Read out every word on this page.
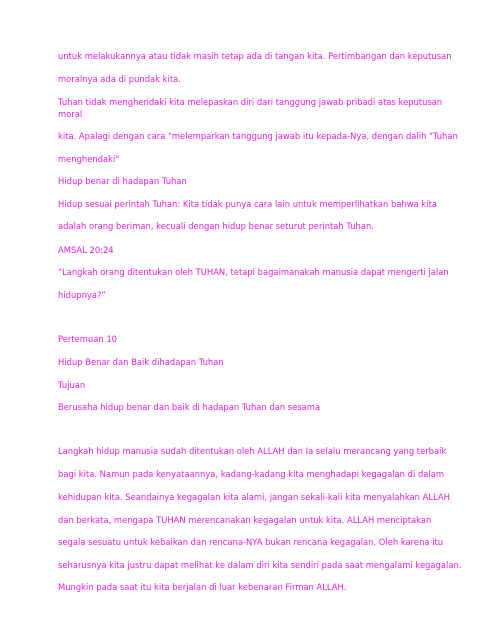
untuk melakukannya atau tidak masih tetap ada di tangan kita. Pertimbangan dan keputusan

moralnya ada di pundak kita.

Tuhan tidak menghendaki kita melepaskan diri dari tanggung jawab pribadi atas keputusan

moral

kita. Apalagi dengan cara "melemparkan tanggung jawab itu kepada-Nya, dengan dalih "Tuhan

menghendaki"

Hidup benar di hadapan Tuhan

Hidup sesuai perintah Tuhan: Kita tidak punya cara lain untuk memperlihatkan bahwa kita

adalah orang beriman, kecuali dengan hidup benar seturut perintah Tuhan.

AMSAL 20:24

“Langkah orang ditentukan oleh TUHAN, tetapi bagaimanakah manusia dapat mengerti jalan

hidupnya?”

Pertemuan 10

Hidup Benar dan Baik dihadapan Tuhan

Tujuan

Berusaha hidup benar dan baik di hadapan Tuhan dan sesama

Langkah hidup manusia sudah ditentukan oleh ALLAH dan Ia selalu merancang yang terbaik

bagi kita. Namun pada kenyataannya, kadang-kadang kita menghadapi kegagalan di dalam

kehidupan kita. Seandainya kegagalan kita alami, jangan sekali-kali kita menyalahkan ALLAH

dan berkata, mengapa TUHAN merencanakan kegagalan untuk kita. ALLAH menciptakan

segala sesuatu untuk kebaikan dan rencana-NYA bukan rencana kegagalan. Oleh karena itu

seharusnya kita justru dapat melihat ke dalam diri kita sendiri pada saat mengalami kegagalan.

Mungkin pada saat itu kita berjalan di luar kebenaran Firman ALLAH.
